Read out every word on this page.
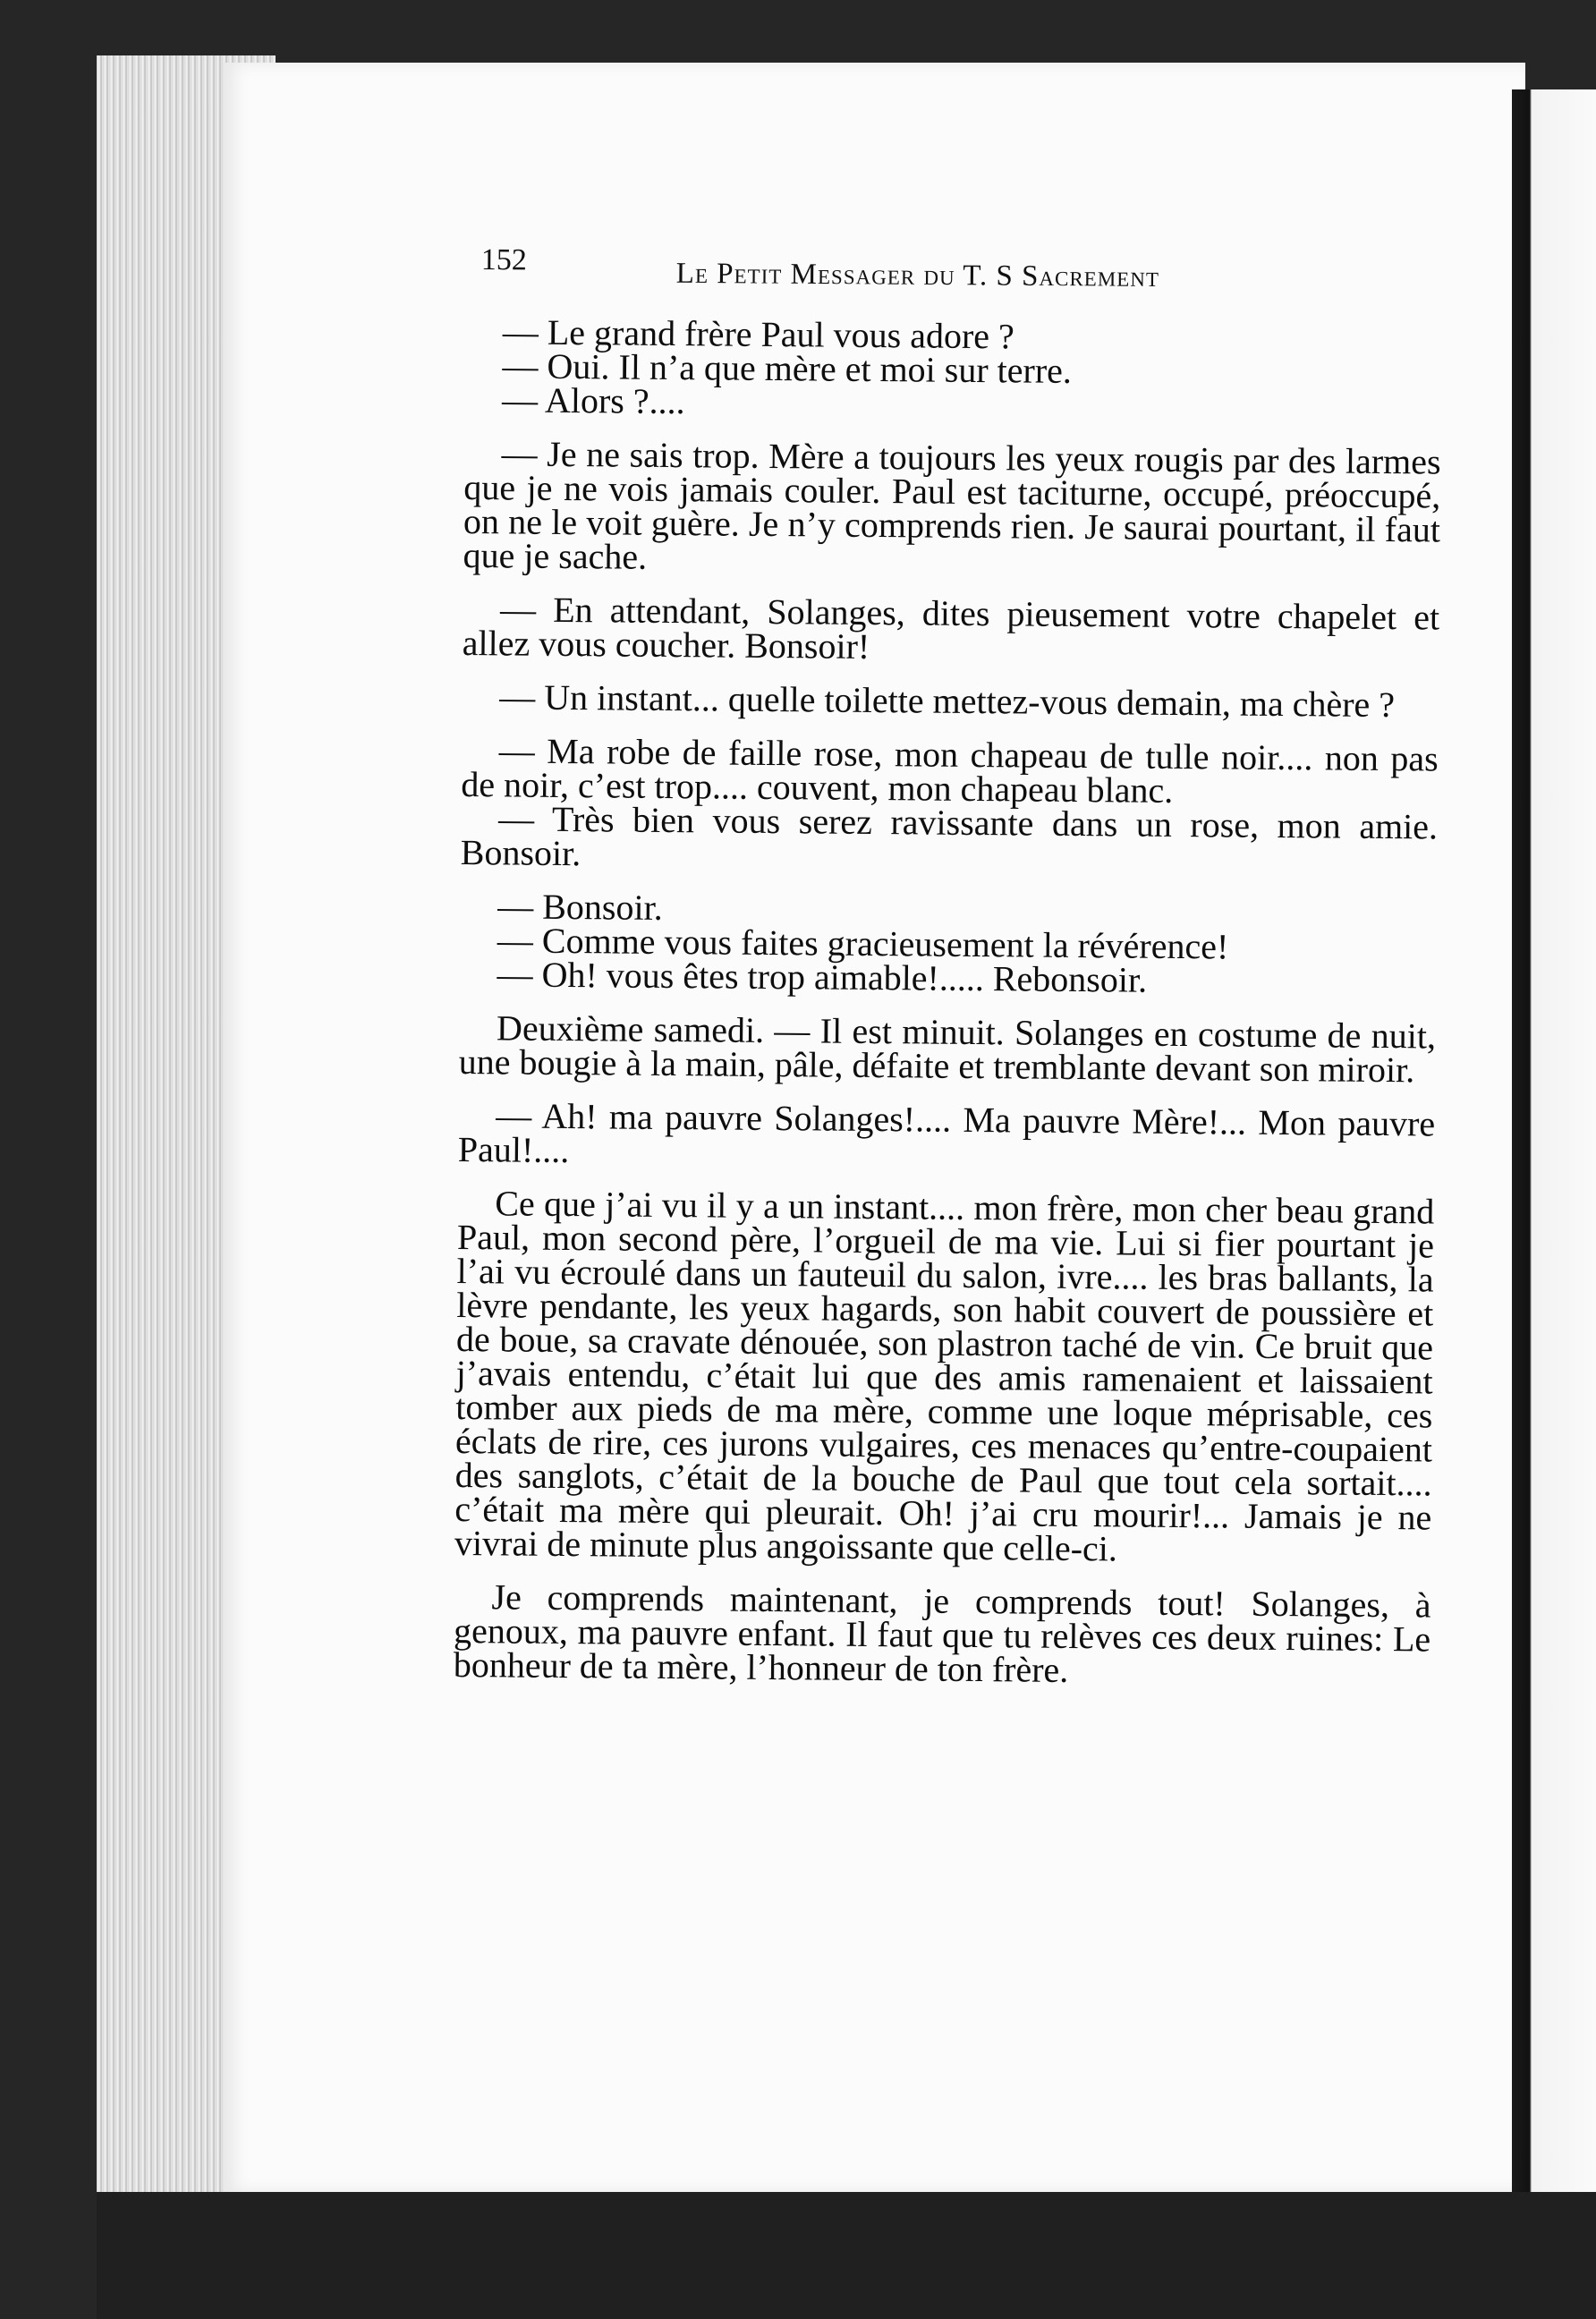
152	Le Petit Messager du T. S Sacrement

— Le grand frère Paul vous adore ?

— Oui. Il n’a que mère et moi sur terre.

— Alors ?....

— Je ne sais trop. Mère a toujours les yeux rougis par des larmes que je ne vois jamais couler. Paul est taciturne, occupé, préoccupé, on ne le voit guère. Je n’y comprends rien. Je saurai pourtant, il faut que je sache.

— En attendant, Solanges, dites pieusement votre chapelet et allez vous coucher. Bonsoir!

— Un instant... quelle toilette mettez-vous demain, ma chère ?

— Ma robe de faille rose, mon chapeau de tulle noir.... non pas de noir, c’est trop.... couvent, mon chapeau blanc.

— Très bien vous serez ravissante dans un rose, mon amie. Bonsoir.

— Bonsoir.

— Comme vous faites gracieusement la révérence!

— Oh! vous êtes trop aimable!..... Rebonsoir.

Deuxième samedi. — Il est minuit. Solanges en costume de nuit, une bougie à la main, pâle, défaite et tremblante devant son miroir.

— Ah! ma pauvre Solanges!.... Ma pauvre Mère!... Mon pauvre Paul!....

Ce que j’ai vu il y a un instant.... mon frère, mon cher beau grand Paul, mon second père, l’orgueil de ma vie. Lui si fier pourtant je l’ai vu écroulé dans un fauteuil du salon, ivre.... les bras ballants, la lèvre pendante, les yeux hagards, son habit couvert de poussière et de boue, sa cravate dénouée, son plastron taché de vin. Ce bruit que j’avais entendu, c’était lui que des amis ramenaient et laissaient tomber aux pieds de ma mère, comme une loque méprisable, ces éclats de rire, ces jurons vulgaires, ces menaces qu’entre-coupaient des sanglots, c’était de la bouche de Paul que tout cela sortait.... c’était ma mère qui pleurait. Oh! j’ai cru mourir!... Jamais je ne vivrai de minute plus angoissante que celle-ci.

Je comprends maintenant, je comprends tout! Solanges, à genoux, ma pauvre enfant. Il faut que tu relèves ces deux ruines: Le bonheur de ta mère, l’honneur de ton frère.
